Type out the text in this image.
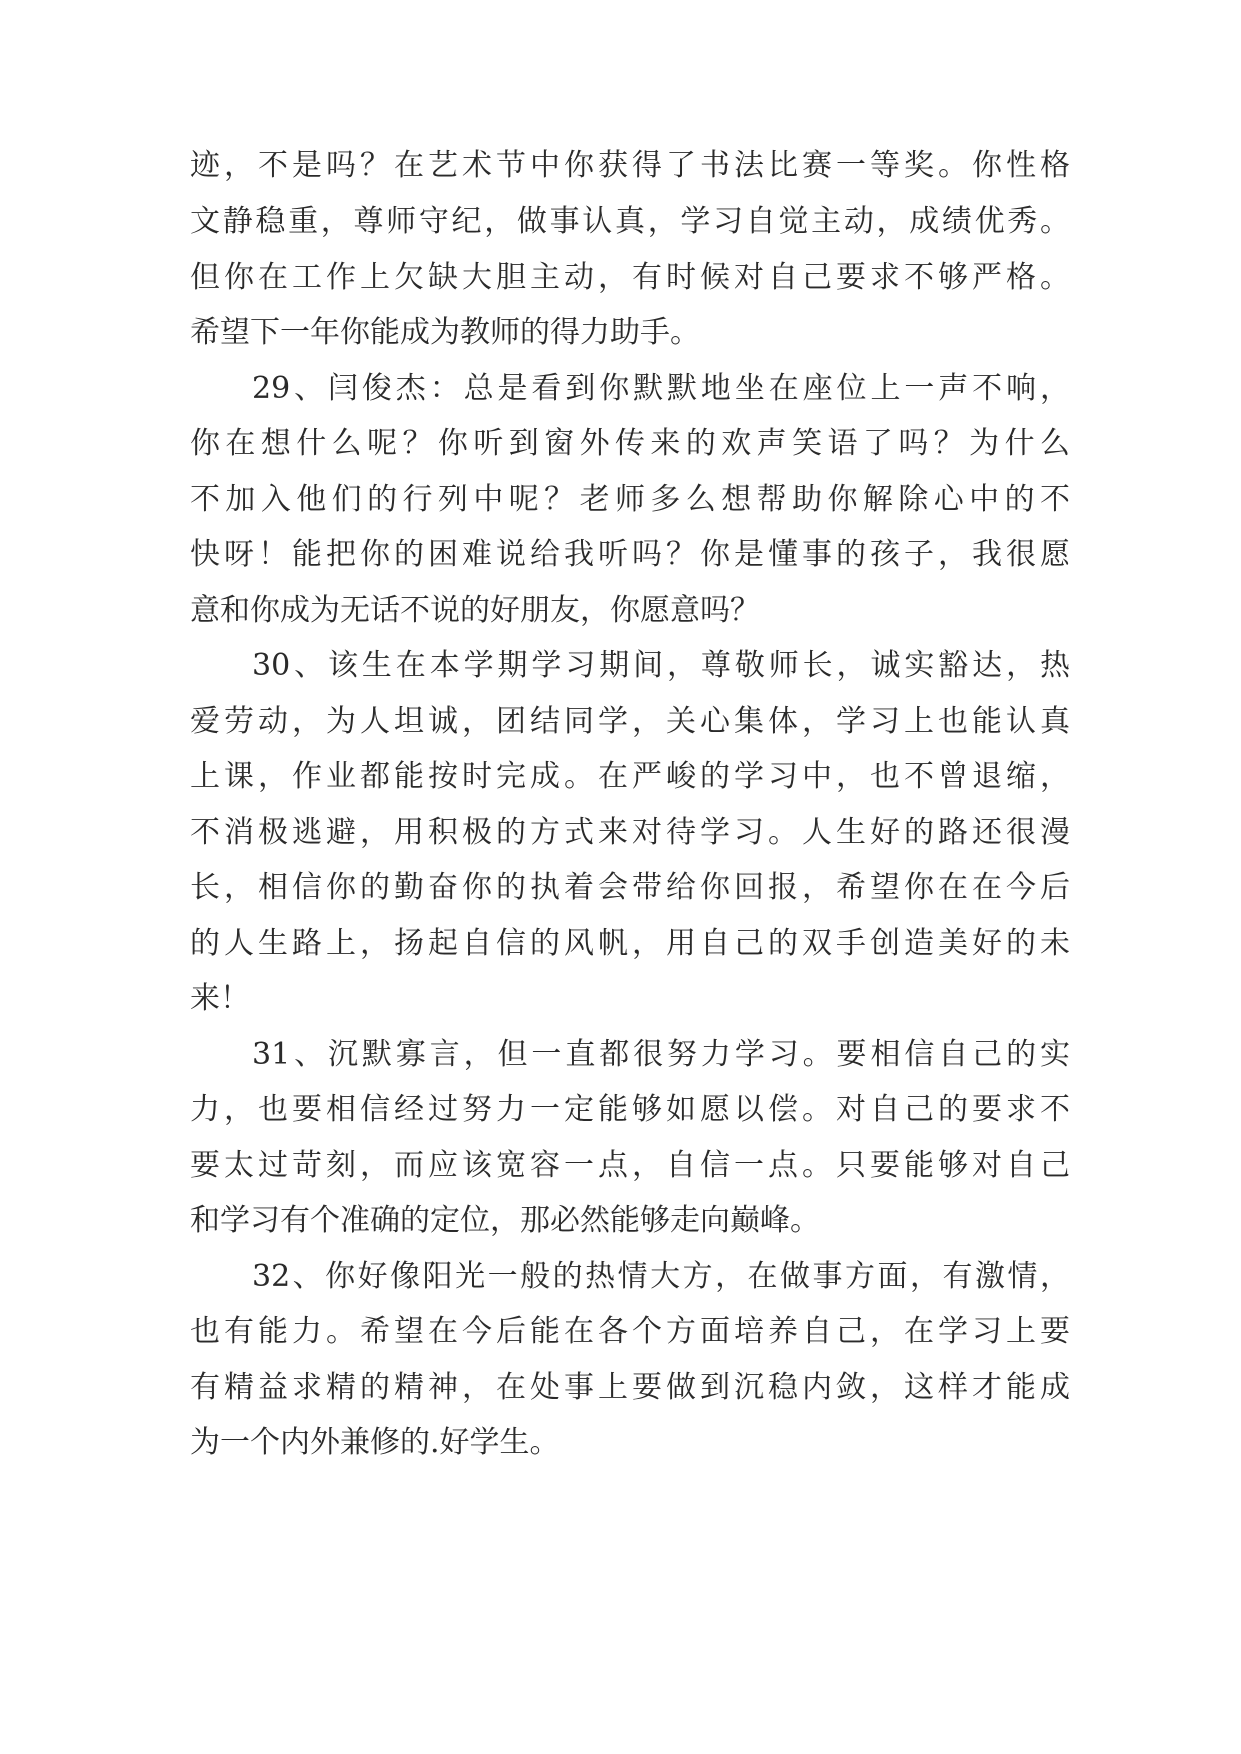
迹，不是吗？在艺术节中你获得了书法比赛一等奖。你性格
文静稳重，尊师守纪，做事认真，学习自觉主动，成绩优秀。
但你在工作上欠缺大胆主动，有时候对自己要求不够严格。
希望下一年你能成为教师的得力助手。
29、闫俊杰：总是看到你默默地坐在座位上一声不响，
你在想什么呢？你听到窗外传来的欢声笑语了吗？为什么
不加入他们的行列中呢？老师多么想帮助你解除心中的不
快呀！能把你的困难说给我听吗？你是懂事的孩子，我很愿
意和你成为无话不说的好朋友，你愿意吗？
30、该生在本学期学习期间，尊敬师长，诚实豁达，热
爱劳动，为人坦诚，团结同学，关心集体，学习上也能认真
上课，作业都能按时完成。在严峻的学习中，也不曾退缩，
不消极逃避，用积极的方式来对待学习。人生好的路还很漫
长，相信你的勤奋你的执着会带给你回报，希望你在在今后
的人生路上，扬起自信的风帆，用自己的双手创造美好的未
来！
31、沉默寡言，但一直都很努力学习。要相信自己的实
力，也要相信经过努力一定能够如愿以偿。对自己的要求不
要太过苛刻，而应该宽容一点，自信一点。只要能够对自己
和学习有个准确的定位，那必然能够走向巅峰。
32、你好像阳光一般的热情大方，在做事方面，有激情，
也有能力。希望在今后能在各个方面培养自己，在学习上要
有精益求精的精神，在处事上要做到沉稳内敛，这样才能成
为一个内外兼修的.好学生。
